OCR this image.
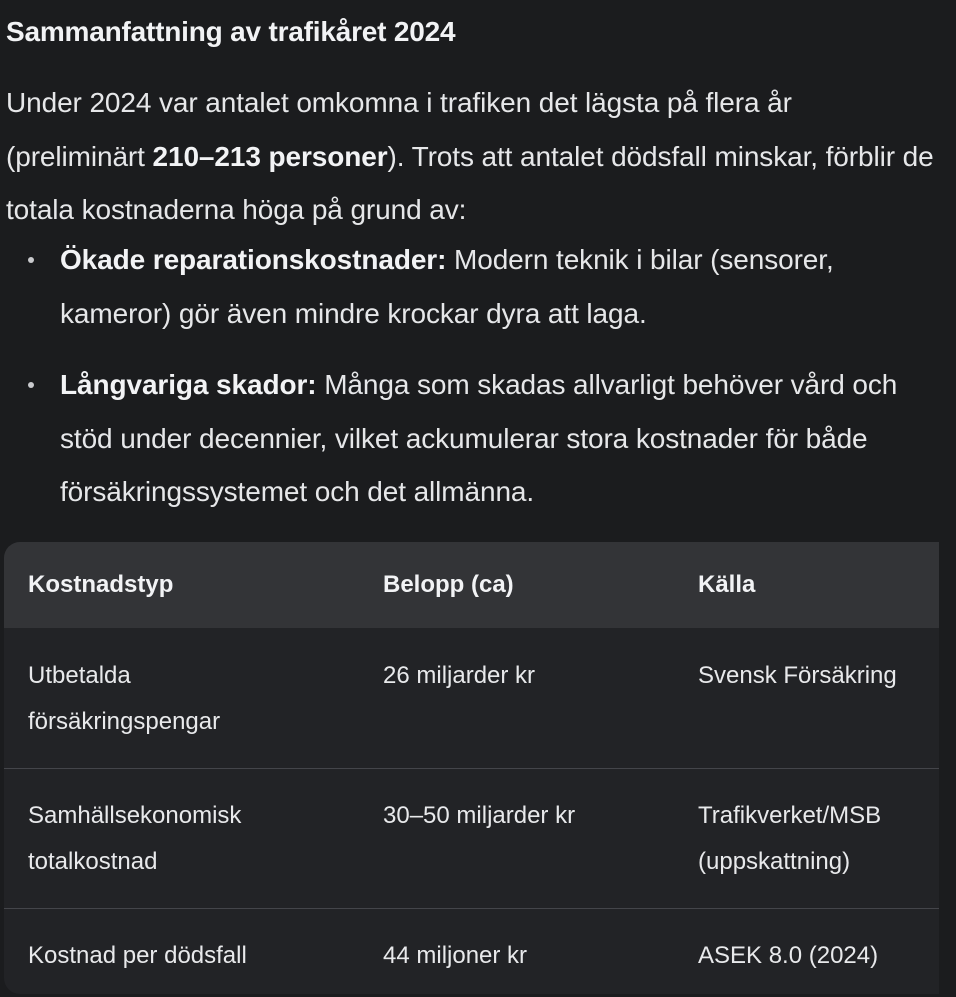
Sammanfattning av trafikåret 2024
Under 2024 var antalet omkomna i trafiken det lägsta på flera år (preliminärt 210–213 personer). Trots att antalet dödsfall minskar, förblir de totala kostnaderna höga på grund av:
Ökade reparationskostnader: Modern teknik i bilar (sensorer, kameror) gör även mindre krockar dyra att laga.
Långvariga skador: Många som skadas allvarligt behöver vård och stöd under decennier, vilket ackumulerar stora kostnader för både försäkringssystemet och det allmänna.
Kostnadstyp	Belopp (ca)	Källa

Utbetalda
försäkringspengar	26 miljarder kr	Svensk Försäkring

Samhällsekonomisk
totalkostnad	30–50 miljarder kr	Trafikverket/MSB
(uppskattning)

Kostnad per dödsfall	44 miljoner kr	ASEK 8.0 (2024)
